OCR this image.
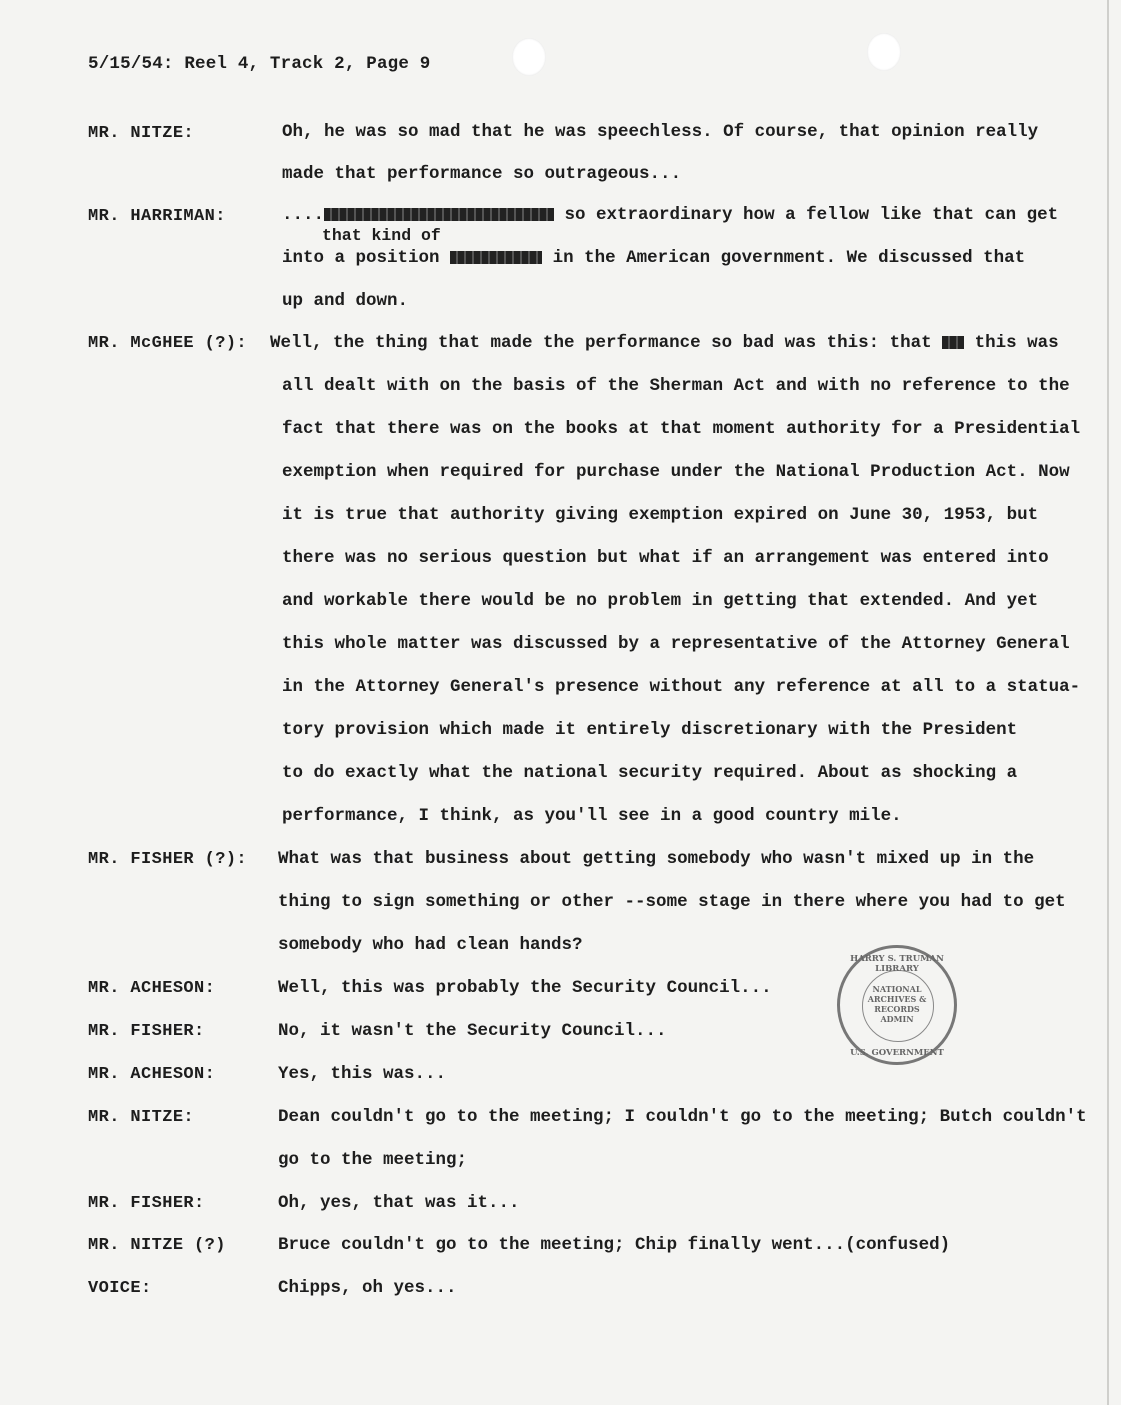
5/15/54: Reel 4, Track 2, Page 9
MR. NITZE:	Oh, he was so mad that he was speechless. Of course, that opinion really
made that performance so outrageous...
MR. HARRIMAN:	....	so extraordinary how a fellow like that can get
that kind of
into a position	in the American government. We discussed that
up and down.
MR. McGHEE (?): Well, the thing that made the performance so bad was this: that this was
all dealt with on the basis of the Sherman Act and with no reference to the
fact that there was on the books at that moment authority for a Presidential
exemption when required for purchase under the National Production Act. Now
it is true that authority giving exemption expired on June 30, 1953, but
there was no serious question but what if an arrangement was entered into
and workable there would be no problem in getting that extended. And yet
this whole matter was discussed by a representative of the Attorney General
in the Attorney General's presence without any reference at all to a statua-
tory provision which made it entirely discretionary with the President
to do exactly what the national security required. About as shocking a
performance, I think, as you'll see in a good country mile.
MR. FISHER (?): What was that business about getting somebody who wasn't mixed up in the
thing to sign something or other --some stage in there where you had to get
somebody who had clean hands?
MR. ACHESON:	Well, this was probably the Security Council...
MR. FISHER:	No, it wasn't the Security Council...
MR. ACHESON:	Yes, this was...
MR. NITZE:	Dean couldn't go to the meeting; I couldn't go to the meeting; Butch couldn't
go to the meeting;
MR. FISHER:	Oh, yes, that was it...
MR. NITZE (?)	Bruce couldn't go to the meeting; Chip finally went...(confused)
VOICE:	Chipps, oh yes...
HARRY S. TRUMAN LIBRARY
NATIONAL
ARCHIVES &
RECORDS
ADMIN
U.S. GOVERNMENT
